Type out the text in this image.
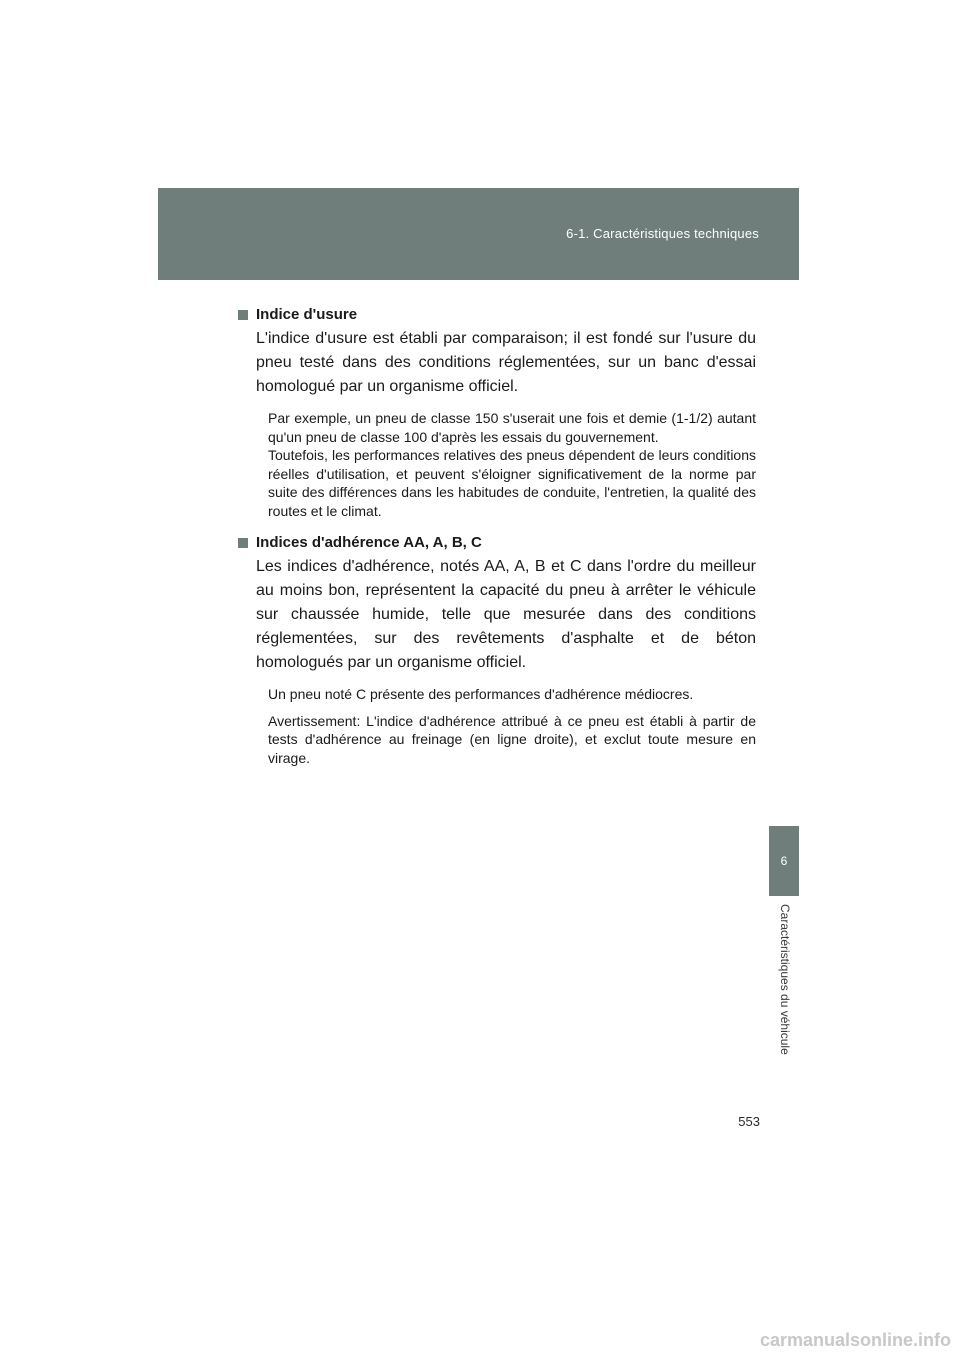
6-1. Caractéristiques techniques
6
Caractéristiques du véhicule
Indice d'usure

L'indice d'usure est établi par comparaison; il est fondé sur l'usure du pneu testé dans des conditions réglementées, sur un banc d'essai homologué par un organisme officiel.

Par exemple, un pneu de classe 150 s'userait une fois et demie (1-1/2) autant qu'un pneu de classe 100 d'après les essais du gouvernement.

Toutefois, les performances relatives des pneus dépendent de leurs conditions réelles d'utilisation, et peuvent s'éloigner significativement de la norme par suite des différences dans les habitudes de conduite, l'entretien, la qualité des routes et le climat.

Indices d'adhérence AA, A, B, C

Les indices d'adhérence, notés AA, A, B et C dans l'ordre du meilleur au moins bon, représentent la capacité du pneu à arrêter le véhicule sur chaussée humide, telle que mesurée dans des conditions réglementées, sur des revêtements d'asphalte et de béton homologués par un organisme officiel.

Un pneu noté C présente des performances d'adhérence médiocres.

Avertissement: L'indice d'adhérence attribué à ce pneu est établi à partir de tests d'adhérence au freinage (en ligne droite), et exclut toute mesure en virage.

553
carmanualsonline.info
